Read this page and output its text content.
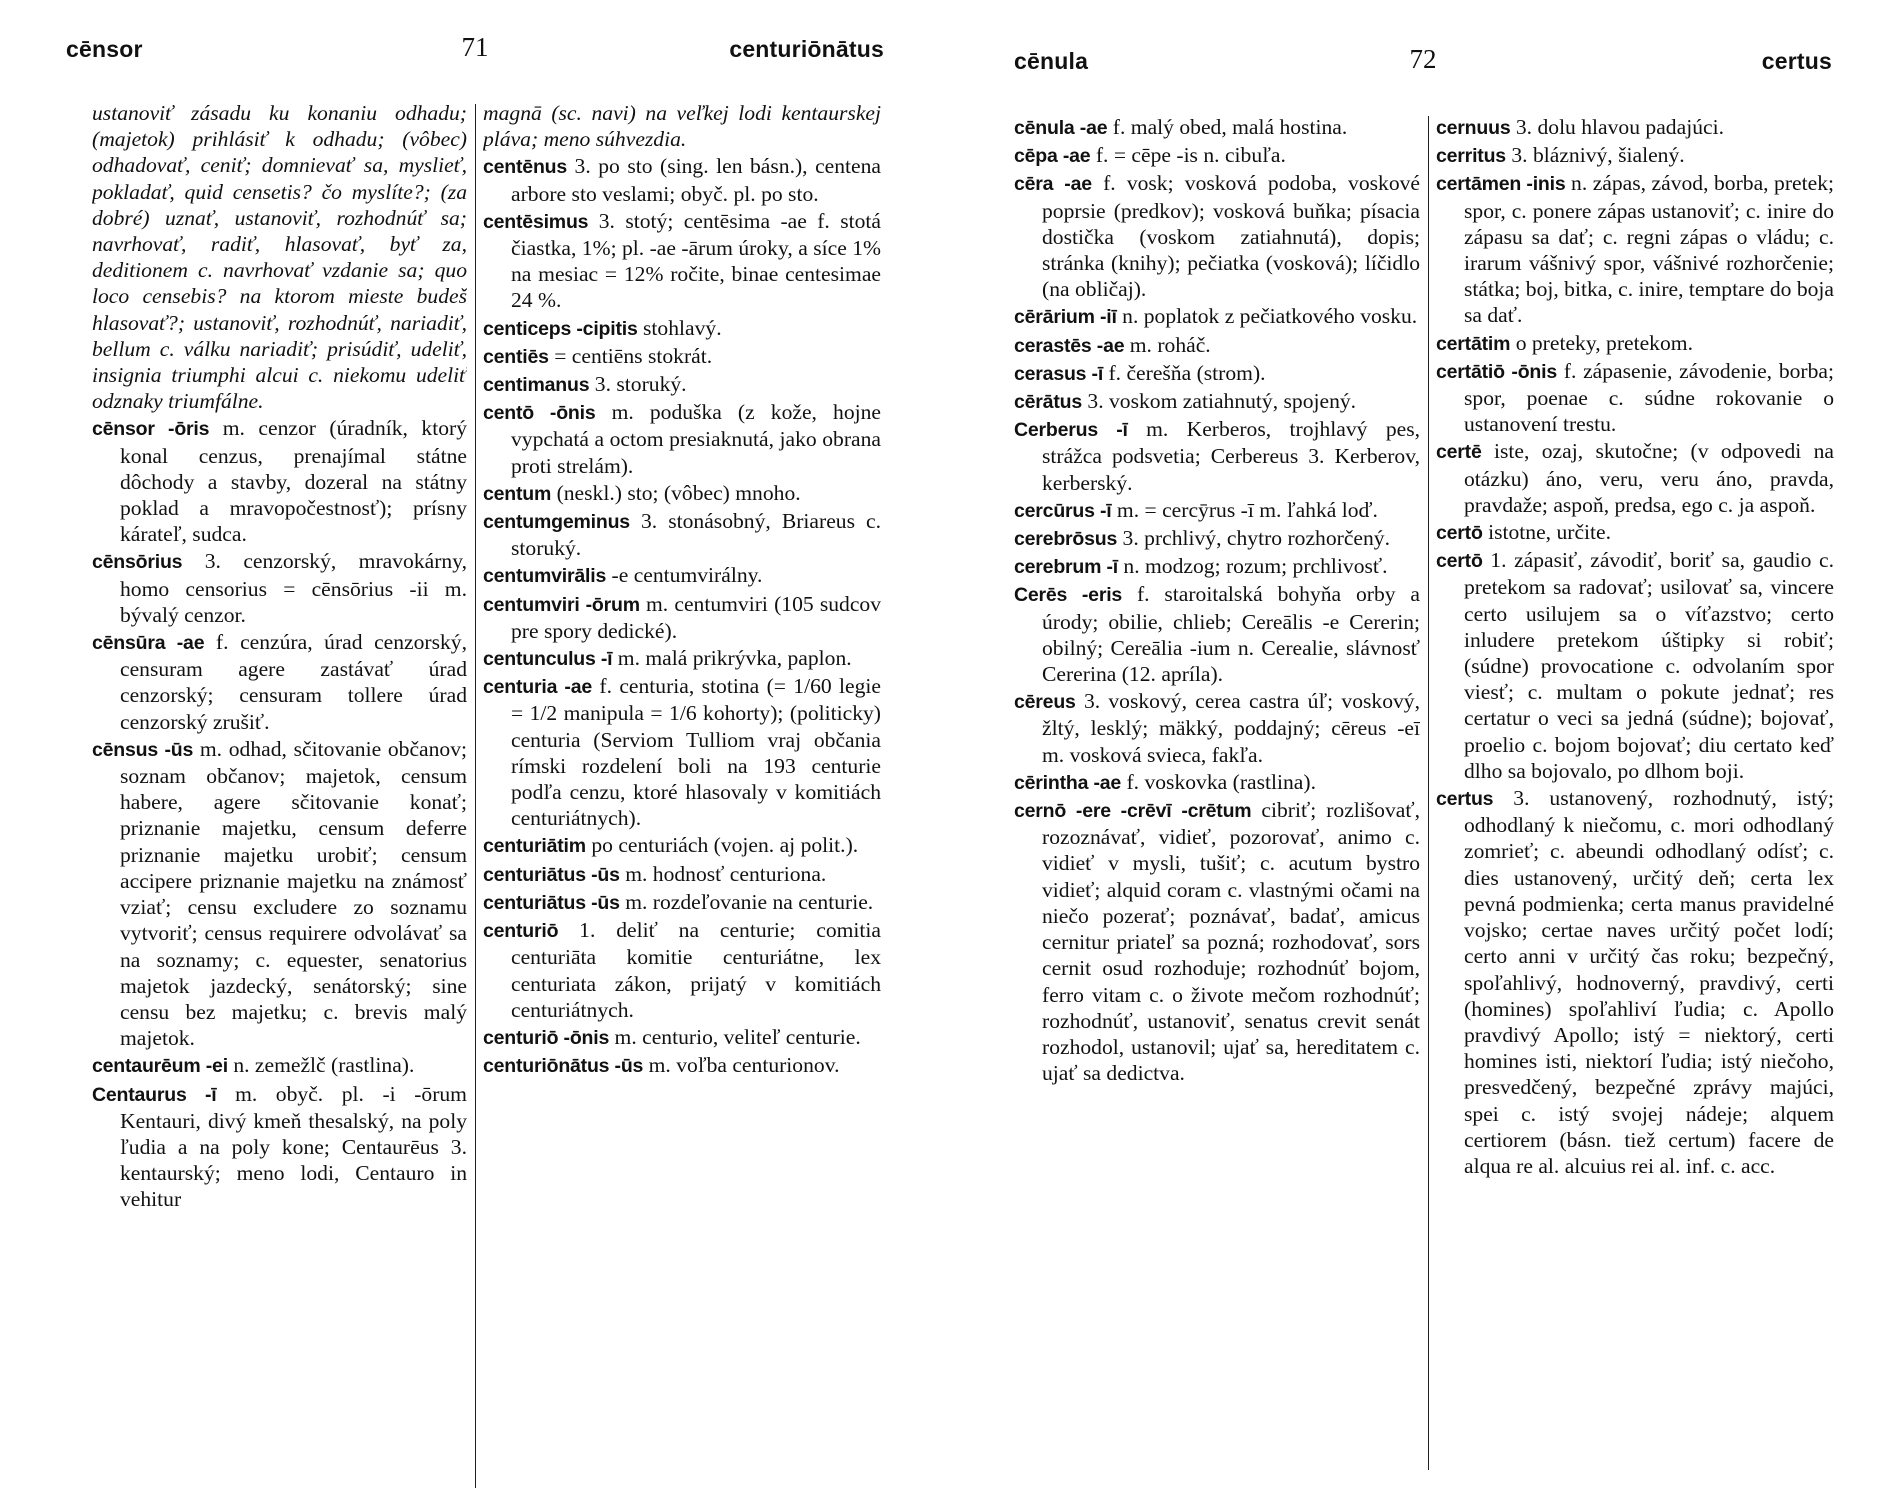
cēnsor	71	centuriōnātus
ustanoviť zásadu ku konaniu odhadu; (majetok) prihlásiť k odhadu; (vôbec) odhadovať, ceniť; domnievať sa, myslieť, pokladať, quid censetis? čo myslíte?; (za dobré) uznať, ustanoviť, rozhodnúť sa; navrhovať, radiť, hlasovať, byť za, deditionem c. navrhovať vzdanie sa; quo loco censebis? na ktorom mieste budeš hlasovať?; ustanoviť, rozhodnúť, nariadiť, bellum c. válku nariadiť; prisúdiť, udeliť, insignia triumphi alcui c. niekomu udeliť odznaky triumfálne.
cēnsor -ōris m. cenzor (úradník, ktorý konal cenzus, prenajímal státne dôchody a stavby, dozeral na státny poklad a mravopočestnosť); prísny kárateľ, sudca.
cēnsōrius 3. cenzorský, mravokárny, homo censorius = cēnsōrius -ii m. bývalý cenzor.
cēnsūra -ae f. cenzúra, úrad cenzorský, censuram agere zastávať úrad cenzorský; censuram tollere úrad cenzorský zrušiť.
cēnsus -ūs m. odhad, sčitovanie občanov; soznam občanov; majetok, censum habere, agere sčitovanie konať; priznanie majetku, censum deferre priznanie majetku urobiť; censum accipere priznanie majetku na známosť vziať; censu excludere zo soznamu vytvoriť; census requirere odvolávať sa na soznamy; c. equester, senatorius majetok jazdecký, senátorský; sine censu bez majetku; c. brevis malý majetok.
centaurēum -ei n. zemežlč (rastlina).
Centaurus -ī m. obyč. pl. -i -ōrum Kentauri, divý kmeň thesalský, na poly ľudia a na poly kone; Centaurēus 3. kentaurský; meno lodi, Centauro in vehitur
magnā (sc. navi) na veľkej lodi kentaurskej pláva; meno súhvezdia.
centēnus 3. po sto (sing. len básn.), centena arbore sto veslami; obyč. pl. po sto.
centēsimus 3. stotý; centēsima -ae f. stotá čiastka, 1%; pl. -ae -ārum úroky, a síce 1% na mesiac = 12% ročite, binae centesimae 24 %.
centiceps -cipitis stohlavý.
centiēs = centiēns stokrát.
centimanus 3. storuký.
centō -ōnis m. poduška (z kože, hojne vypchatá a octom presiaknutá, jako obrana proti strelám).
centum (neskl.) sto; (vôbec) mnoho.
centumgeminus 3. stonásobný, Briareus c. storuký.
centumvirālis -e centumvirálny.
centumviri -ōrum m. centumviri (105 sudcov pre spory dedické).
centunculus -ī m. malá prikrývka, paplon.
centuria -ae f. centuria, stotina (= 1/60 legie = 1/2 manipula = 1/6 kohorty); (politicky) centuria (Serviom Tulliom vraj občania rímski rozdelení boli na 193 centurie podľa cenzu, ktoré hlasovaly v komitiách centuriátnych).
centuriātim po centuriách (vojen. aj polit.).
centuriātus -ūs m. hodnosť centuriona.
centuriātus -ūs m. rozdeľovanie na centurie.
centuriō 1. deliť na centurie; comitia centuriāta komitie centuriátne, lex centuriata zákon, prijatý v komitiách centuriátnych.
centuriō -ōnis m. centurio, veliteľ centurie.
centuriōnātus -ūs m. voľba centurionov.
cēnula	72	certus
cēnula -ae f. malý obed, malá hostina.
cēpa -ae f. = cēpe -is n. cibuľa.
cēra -ae f. vosk; vosková podoba, voskové poprsie (predkov); vosková buňka; písacia dostička (voskom zatiahnutá), dopis; stránka (knihy); pečiatka (vosková); líčidlo (na obličaj).
cērārium -iī n. poplatok z pečiatkového vosku.
cerastēs -ae m. roháč.
cerasus -ī f. čerešňa (strom).
cērātus 3. voskom zatiahnutý, spojený.
Cerberus -ī m. Kerberos, trojhlavý pes, strážca podsvetia; Cerbereus 3. Kerberov, kerberský.
cercūrus -ī m. = cercȳrus -ī m. ľahká loď.
cerebrōsus 3. prchlivý, chytro rozhorčený.
cerebrum -ī n. modzog; rozum; prchlivosť.
Cerēs -eris f. staroitalská bohyňa orby a úrody; obilie, chlieb; Cereālis -e Cererin; obilný; Cereālia -ium n. Cerealie, slávnosť Cererina (12. apríla).
cēreus 3. voskový, cerea castra úľ; voskový, žltý, lesklý; mäkký, poddajný; cēreus -eī m. vosková svieca, fakľa.
cērintha -ae f. voskovka (rastlina).
cernō -ere -crēvī -crētum cibriť; rozlišovať, rozoznávať, vidieť, pozorovať, animo c. vidieť v mysli, tušiť; c. acutum bystro vidieť; alquid coram c. vlastnými očami na niečo pozerať; poznávať, badať, amicus cernitur priateľ sa pozná; rozhodovať, sors cernit osud rozhoduje; rozhodnúť bojom, ferro vitam c. o živote mečom rozhodnúť; rozhodnúť, ustanoviť, senatus crevit senát rozhodol, ustanovil; ujať sa, hereditatem c. ujať sa dedictva.
cernuus 3. dolu hlavou padajúci.
cerritus 3. bláznivý, šialený.
certāmen -inis n. zápas, závod, borba, pretek; spor, c. ponere zápas ustanoviť; c. inire do zápasu sa dať; c. regni zápas o vládu; c. irarum vášnivý spor, vášnivé rozhorčenie; státka; boj, bitka, c. inire, temptare do boja sa dať.
certātim o preteky, pretekom.
certātiō -ōnis f. zápasenie, závodenie, borba; spor, poenae c. súdne rokovanie o ustanovení trestu.
certē iste, ozaj, skutočne; (v odpovedi na otázku) áno, veru, veru áno, pravda, pravdaže; aspoň, predsa, ego c. ja aspoň.
certō istotne, určite.
certō 1. zápasiť, závodiť, boriť sa, gaudio c. pretekom sa radovať; usilovať sa, vincere certo usilujem sa o víťazstvo; certo inludere pretekom úštipky si robiť; (súdne) provocatione c. odvolaním spor viesť; c. multam o pokute jednať; res certatur o veci sa jedná (súdne); bojovať, proelio c. bojom bojovať; diu certato keď dlho sa bojovalo, po dlhom boji.
certus 3. ustanovený, rozhodnutý, istý; odhodlaný k niečomu, c. mori odhodlaný zomrieť; c. abeundi odhodlaný odísť; c. dies ustanovený, určitý deň; certa lex pevná podmienka; certa manus pravidelné vojsko; certae naves určitý počet lodí; certo anni v určitý čas roku; bezpečný, spoľahlivý, hodnoverný, pravdivý, certi (homines) spoľahliví ľudia; c. Apollo pravdivý Apollo; istý = niektorý, certi homines isti, niektorí ľudia; istý niečoho, presvedčený, bezpečné zprávy majúci, spei c. istý svojej nádeje; alquem certiorem (básn. tiež certum) facere de alqua re al. alcuius rei al. inf. c. acc.
